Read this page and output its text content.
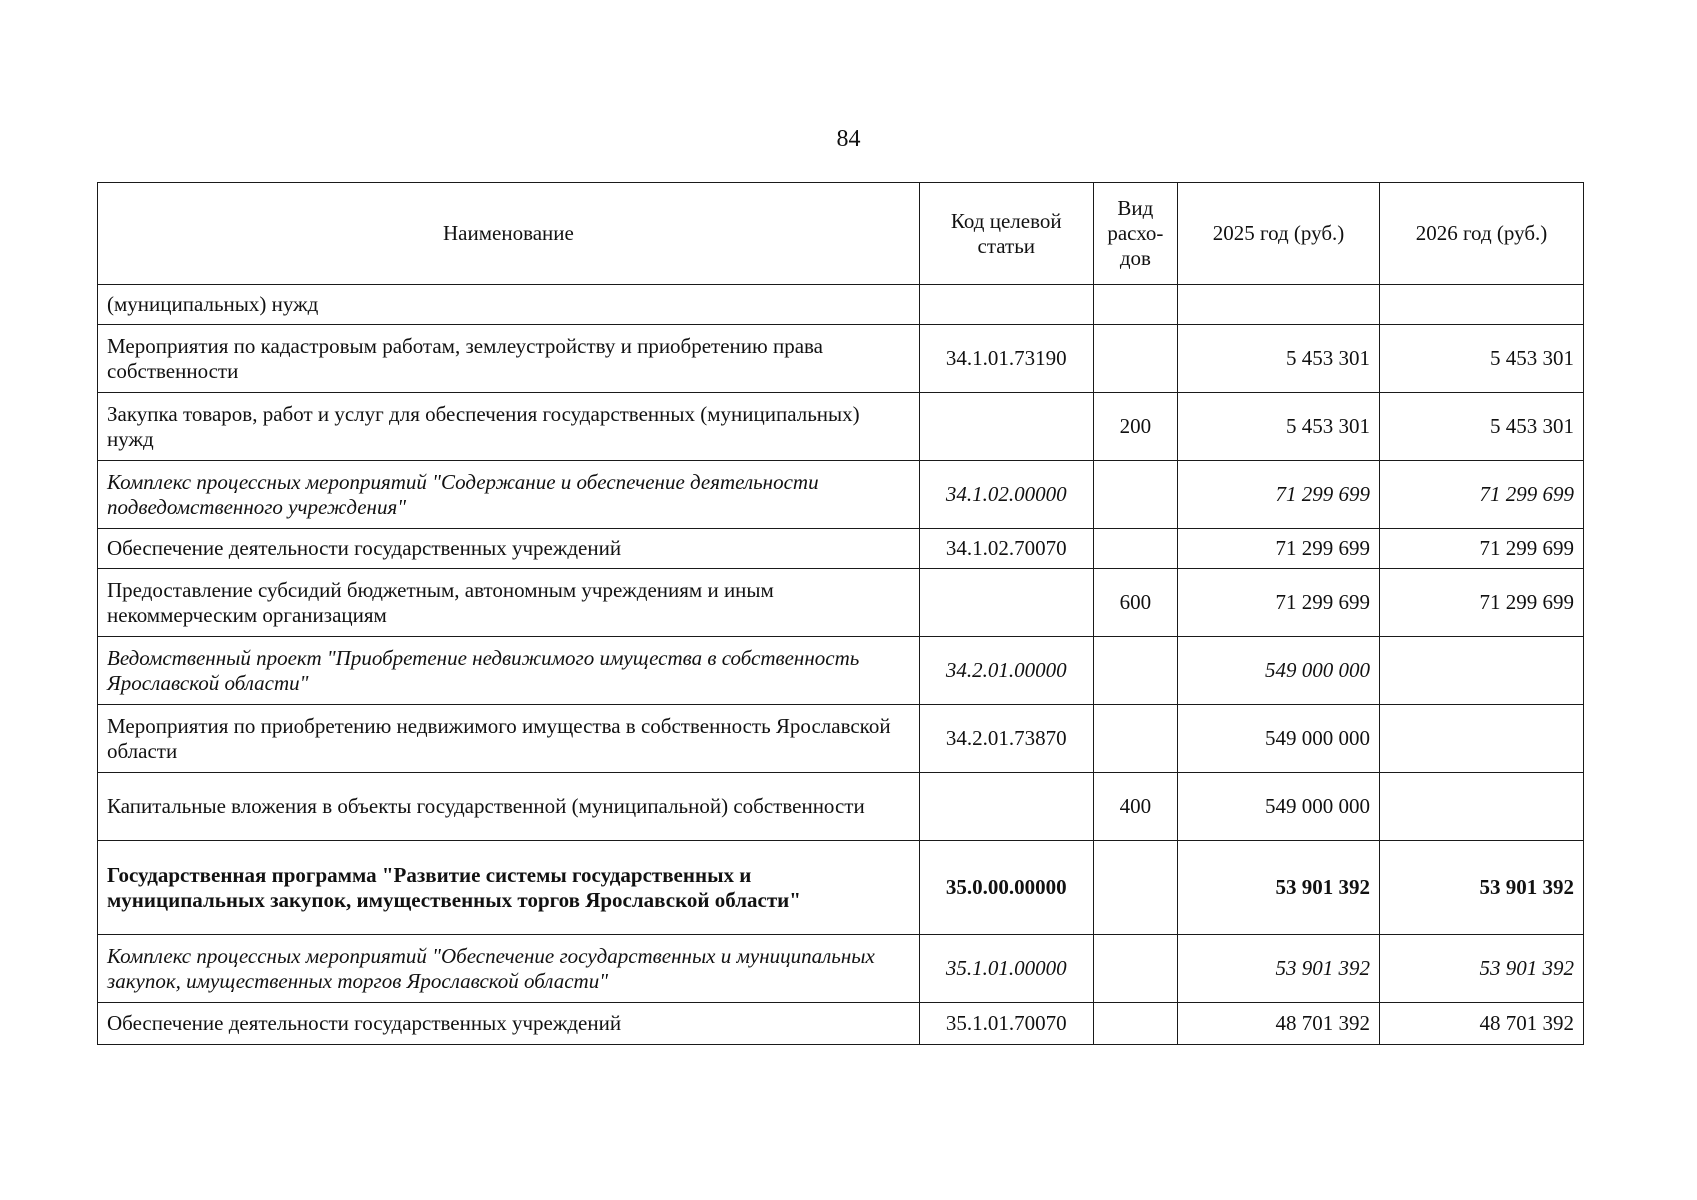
84
Наименование	Код целевой статьи	Вид расхо-дов	2025 год (руб.)	2026 год (руб.)
(муниципальных) нужд				
Мероприятия по кадастровым работам, землеустройству и приобретению права собственности	34.1.01.73190		5 453 301	5 453 301
Закупка товаров, работ и услуг для обеспечения государственных (муниципальных) нужд		200	5 453 301	5 453 301
Комплекс процессных мероприятий "Содержание и обеспечение деятельности подведомственного учреждения"	34.1.02.00000		71 299 699	71 299 699
Обеспечение деятельности государственных учреждений	34.1.02.70070		71 299 699	71 299 699
Предоставление субсидий бюджетным, автономным учреждениям и иным некоммерческим организациям		600	71 299 699	71 299 699
Ведомственный проект "Приобретение недвижимого имущества в собственность Ярославской области"	34.2.01.00000		549 000 000	
Мероприятия по приобретению недвижимого имущества в собственность Ярославской области	34.2.01.73870		549 000 000	
Капитальные вложения в объекты государственной (муниципальной) собственности		400	549 000 000	
Государственная программа "Развитие системы государственных и муниципальных закупок, имущественных торгов Ярославской области"	35.0.00.00000		53 901 392	53 901 392
Комплекс процессных мероприятий "Обеспечение государственных и муниципальных закупок, имущественных торгов Ярославской области"	35.1.01.00000		53 901 392	53 901 392
Обеспечение деятельности государственных учреждений	35.1.01.70070		48 701 392	48 701 392
